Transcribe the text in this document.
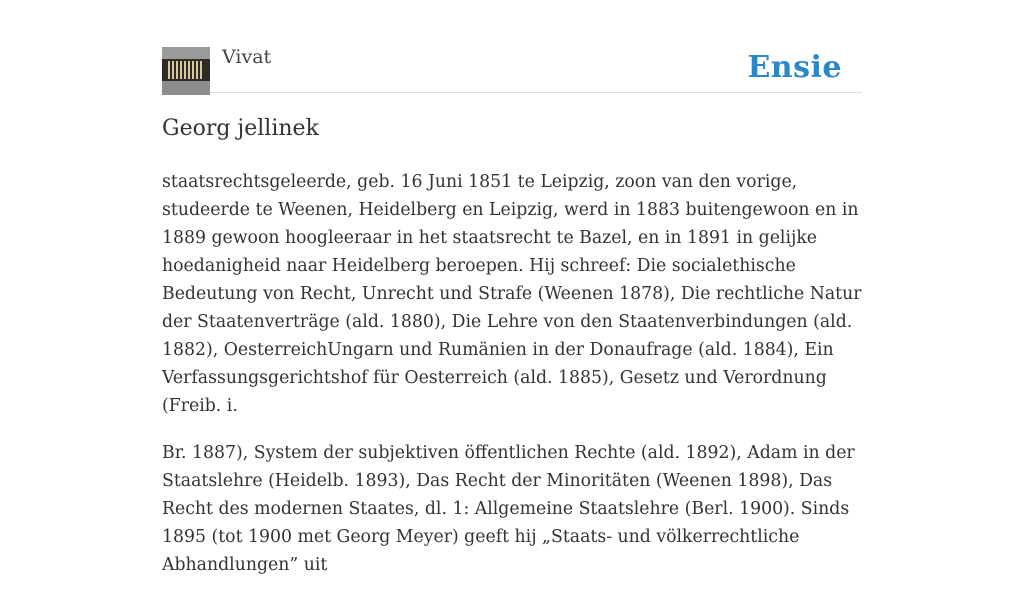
Vivat	Ensie
Georg jellinek

staatsrechtsgeleerde, geb. 16 Juni 1851 te Leipzig, zoon van den vorige, studeerde te Weenen, Heidelberg en Leipzig, werd in 1883 buitengewoon en in 1889 gewoon hoogleeraar in het staatsrecht te Bazel, en in 1891 in gelijke hoedanigheid naar Heidelberg beroepen. Hij schreef: Die socialethische Bedeutung von Recht, Unrecht und Strafe (Weenen 1878), Die rechtliche Natur der Staatenverträge (ald. 1880), Die Lehre von den Staatenverbindungen (ald. 1882), OesterreichUngarn und Rumänien in der Donaufrage (ald. 1884), Ein Verfassungsgerichtshof für Oesterreich (ald. 1885), Gesetz und Verordnung (Freib. i.

Br. 1887), System der subjektiven öffentlichen Rechte (ald. 1892), Adam in der Staatslehre (Heidelb. 1893), Das Recht der Minoritäten (Weenen 1898), Das Recht des modernen Staates, dl. 1: Allgemeine Staatslehre (Berl. 1900). Sinds 1895 (tot 1900 met Georg Meyer) geeft hij „Staats- und völkerrechtliche Abhandlungen” uit
